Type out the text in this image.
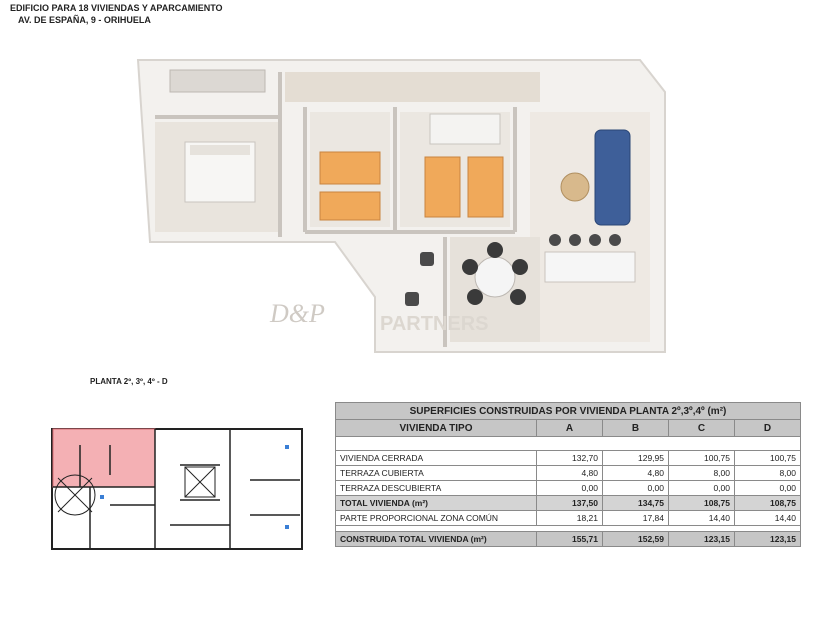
EDIFICIO PARA 18 VIVIENDAS Y APARCAMIENTO
AV. DE ESPAÑA, 9 - ORIHUELA
D&P	PARTNERS
PLANTA 2º, 3º, 4º - D
SUPERFICIES CONSTRUIDAS POR VIVIENDA PLANTA 2º,3º,4º (m²)				
VIVIENDA TIPO	A	B	C	D

VIVIENDA CERRADA	132,70	129,95	100,75	100,75
TERRAZA CUBIERTA	4,80	4,80	8,00	8,00
TERRAZA DESCUBIERTA	0,00	0,00	0,00	0,00
TOTAL VIVIENDA (m²)	137,50	134,75	108,75	108,75
PARTE PROPORCIONAL ZONA COMÚN	18,21	17,84	14,40	14,40

CONSTRUIDA TOTAL VIVIENDA (m²)	155,71	152,59	123,15	123,15
